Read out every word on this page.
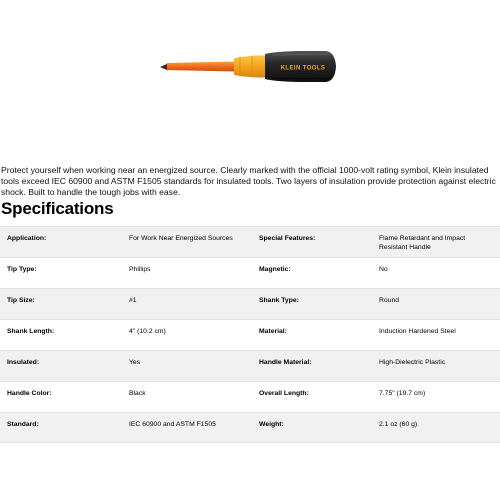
KLEIN TOOLS

Protect yourself when working near an energized source. Clearly marked with the official 1000-volt rating symbol, Klein insulated tools exceed IEC 60900 and ASTM F1505 standards for insulated tools. Two layers of insulation provide protection against electric shock. Built to handle the tough jobs with ease.

Specifications
Application:	For Work Near Energized Sources	Special Features:	Flame Retardant and Impact Resistant Handle
Tip Type:	Phillips	Magnetic:	No
Tip Size:	#1	Shank Type:	Round
Shank Length:	4" (10.2 cm)	Material:	Induction Hardened Steel
Insulated:	Yes	Handle Material:	High-Dielectric Plastic
Handle Color:	Black	Overall Length:	7.75" (19.7 cm)
Standard:	IEC 60900 and ASTM F1505	Weight:	2.1 oz (60 g)
